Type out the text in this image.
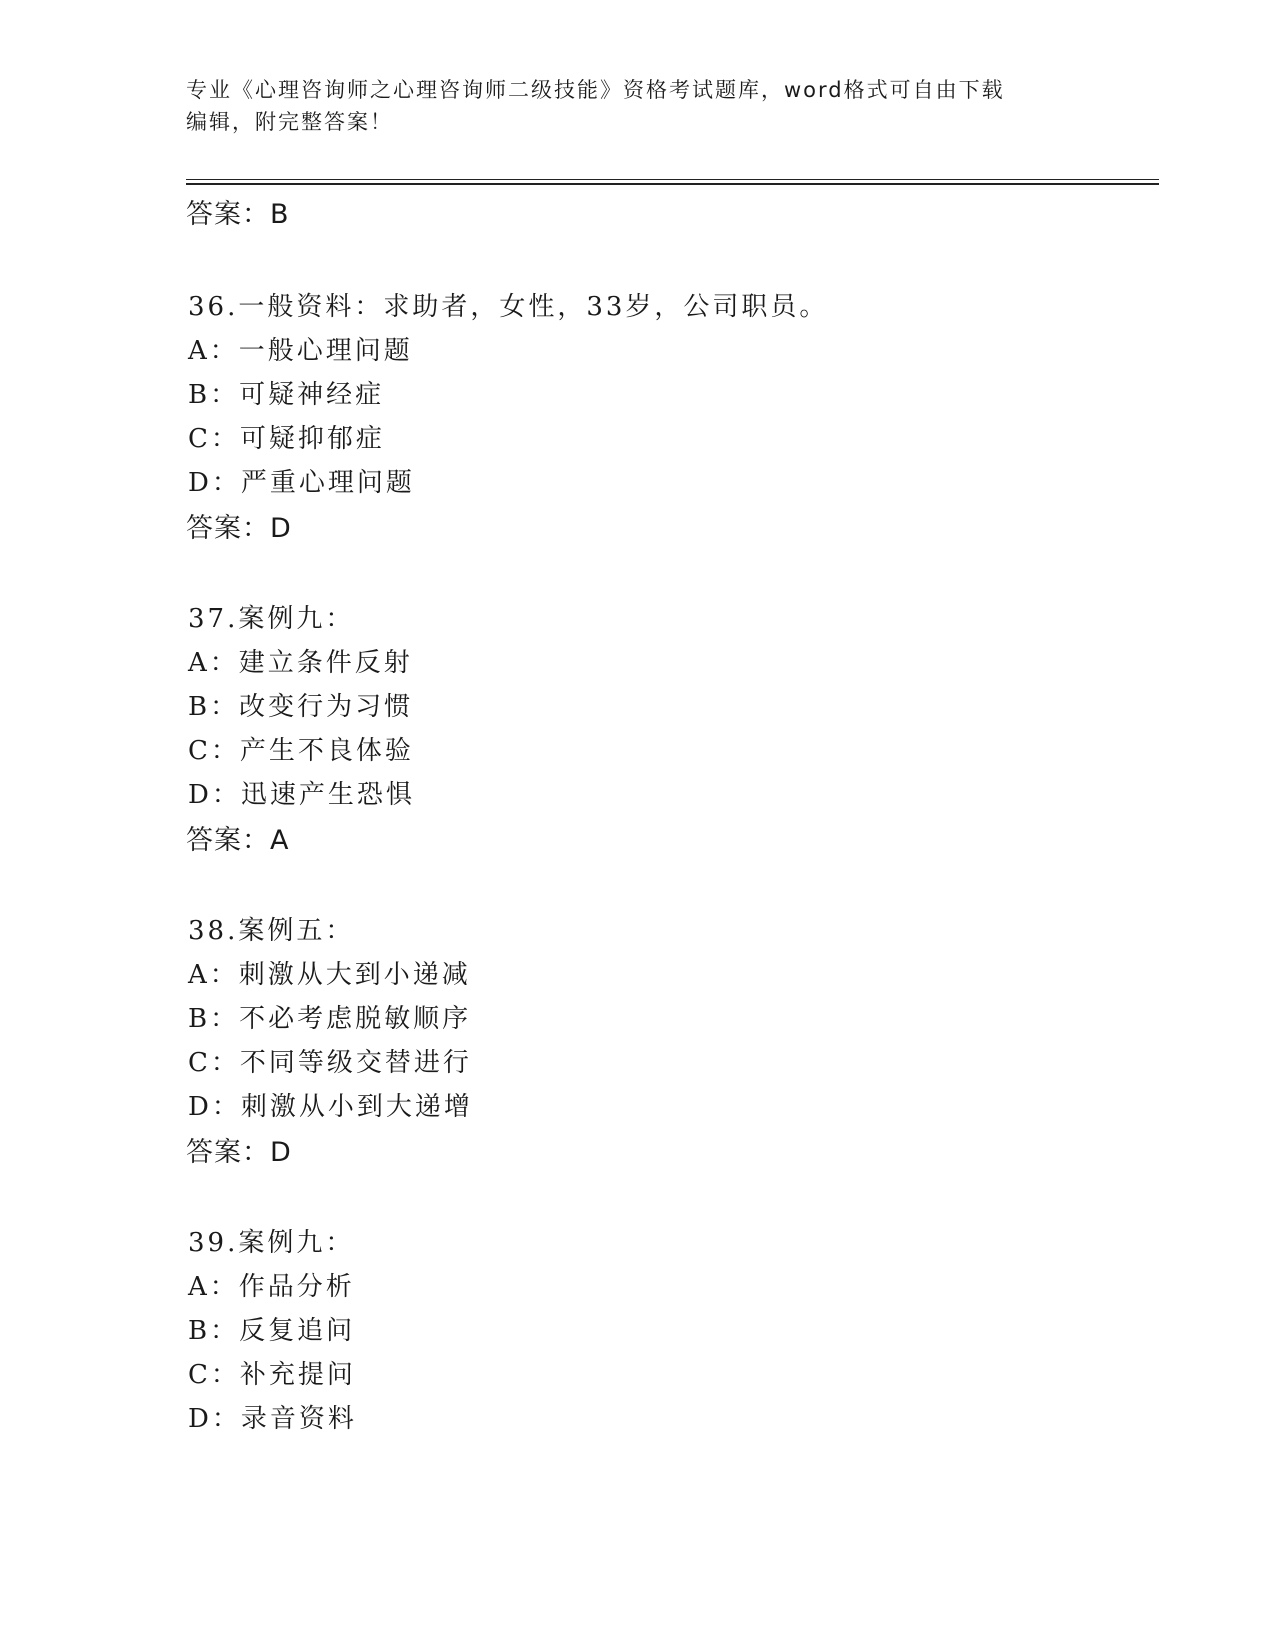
专业《心理咨询师之心理咨询师二级技能》资格考试题库，word格式可自由下载
编辑，附完整答案！
答案：B
36.一般资料：求助者，女性，33岁，公司职员。
A：一般心理问题
B：可疑神经症
C：可疑抑郁症
D：严重心理问题
答案：D
37.案例九：
A：建立条件反射
B：改变行为习惯
C：产生不良体验
D：迅速产生恐惧
答案：A
38.案例五：
A：刺激从大到小递减
B：不必考虑脱敏顺序
C：不同等级交替进行
D：刺激从小到大递增
答案：D
39.案例九：
A：作品分析
B：反复追问
C：补充提问
D：录音资料
